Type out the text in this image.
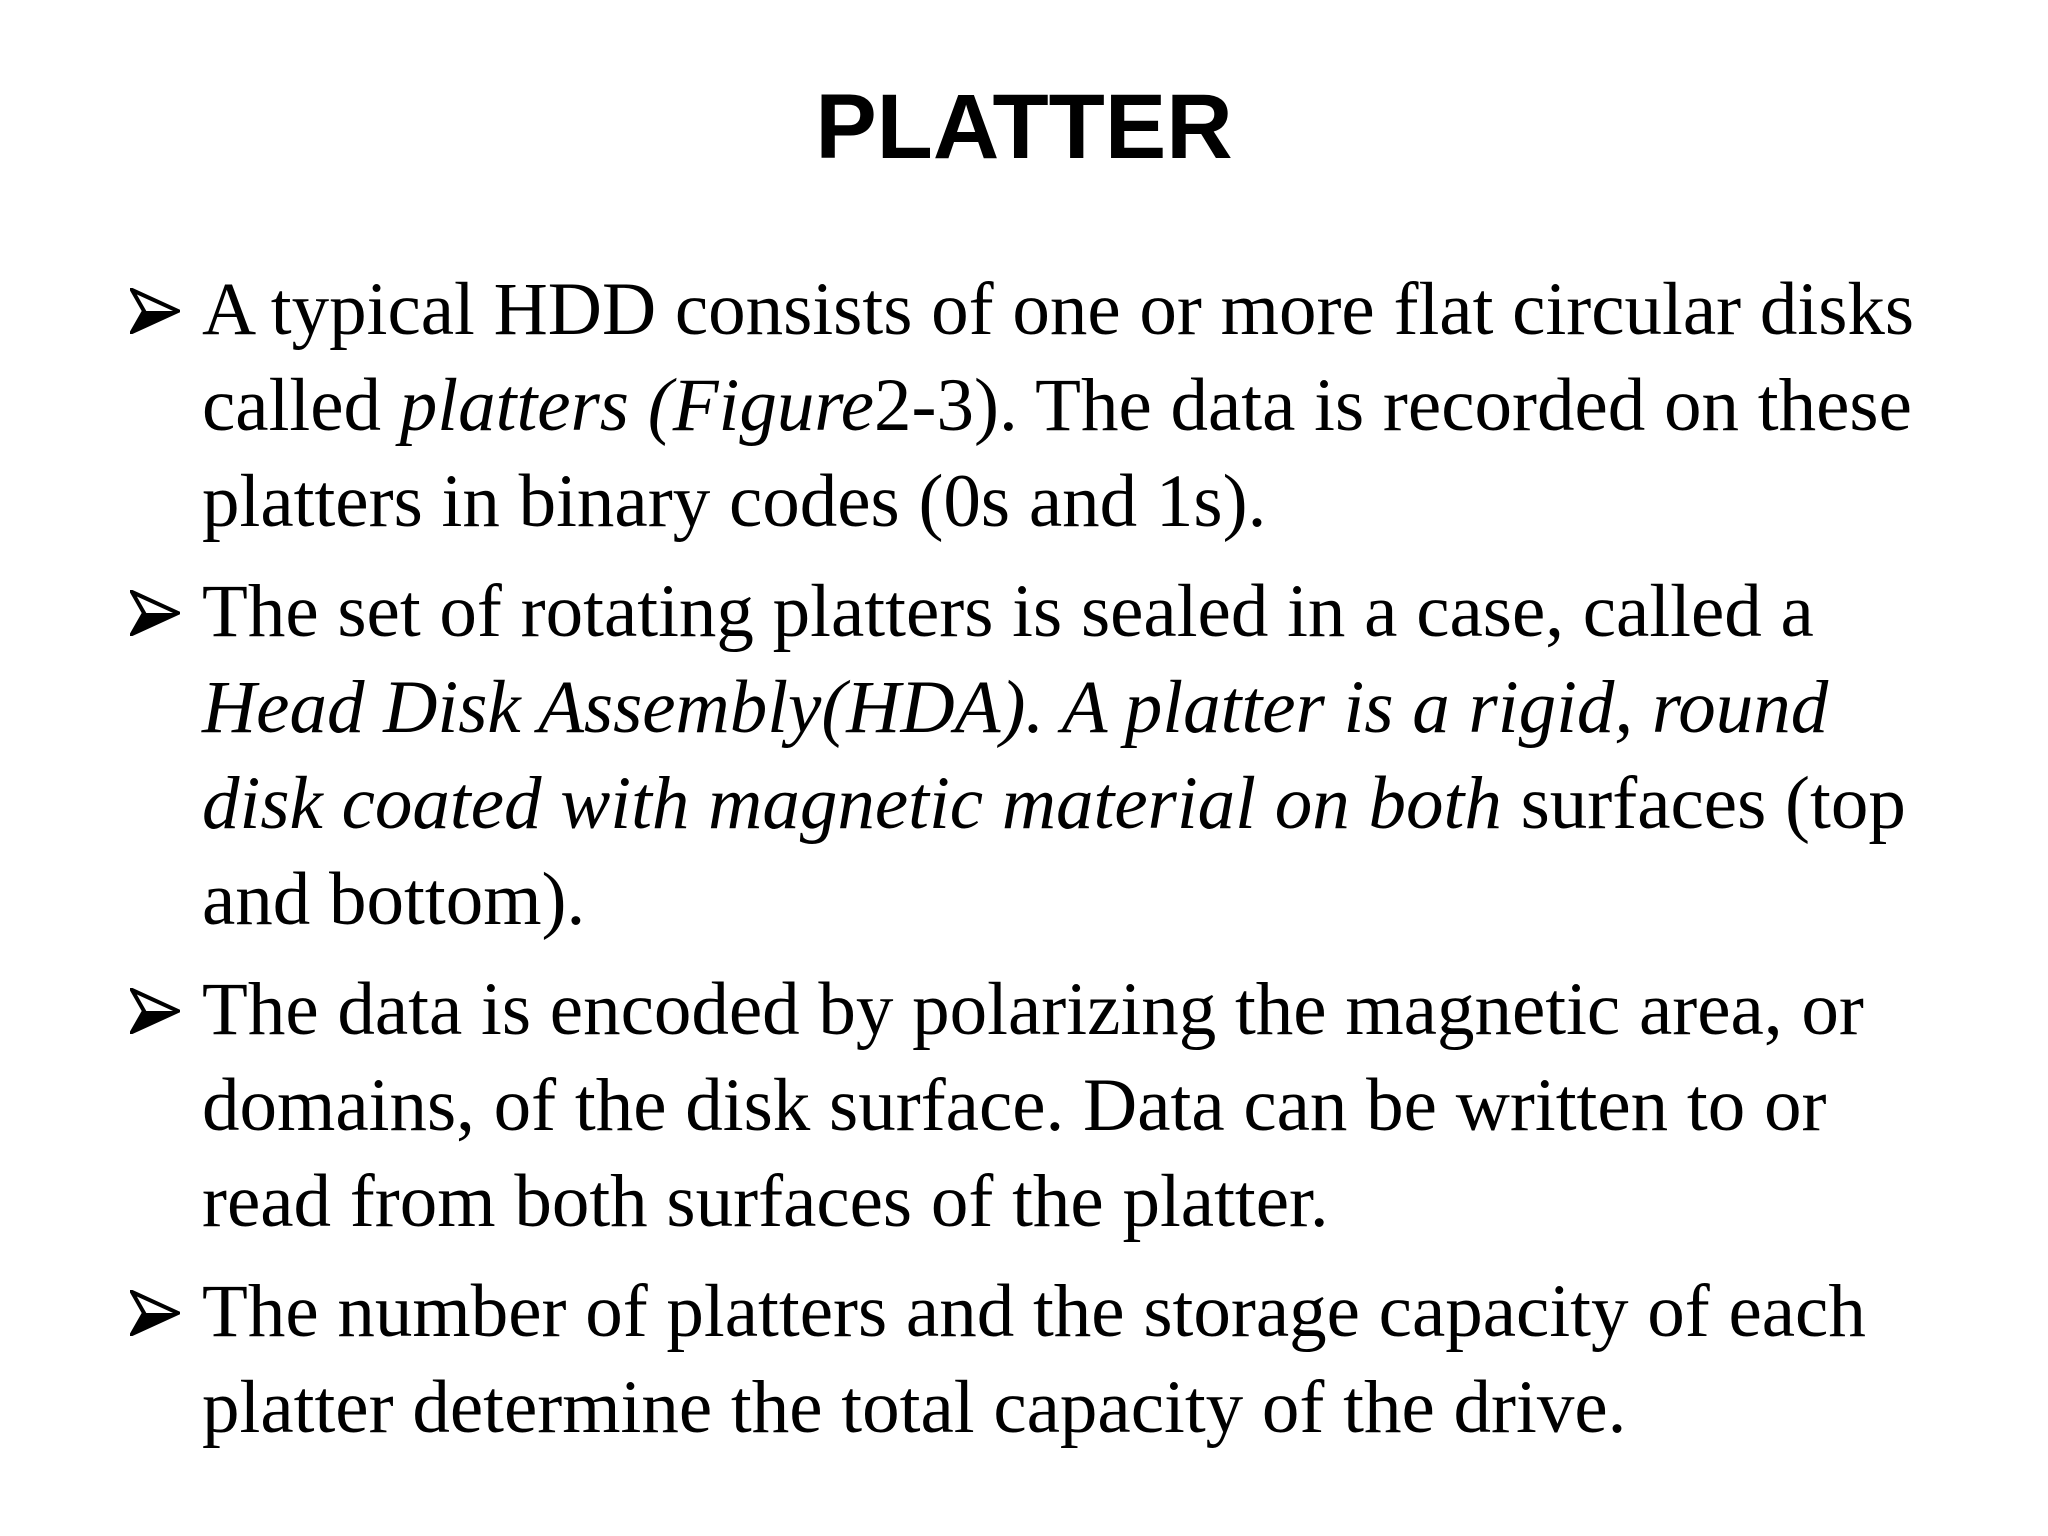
PLATTER
A typical HDD consists of one or more flat circular disks called platters (Figure2-3). The data is recorded on these platters in binary codes (0s and 1s).
The set of rotating platters is sealed in a case, called a Head Disk Assembly(HDA). A platter is a rigid, round disk coated with magnetic material on both surfaces (top and bottom).
The data is encoded by polarizing the magnetic area, or domains, of the disk surface. Data can be written to or read from both surfaces of the platter.
The number of platters and the storage capacity of each platter determine the total capacity of the drive.
